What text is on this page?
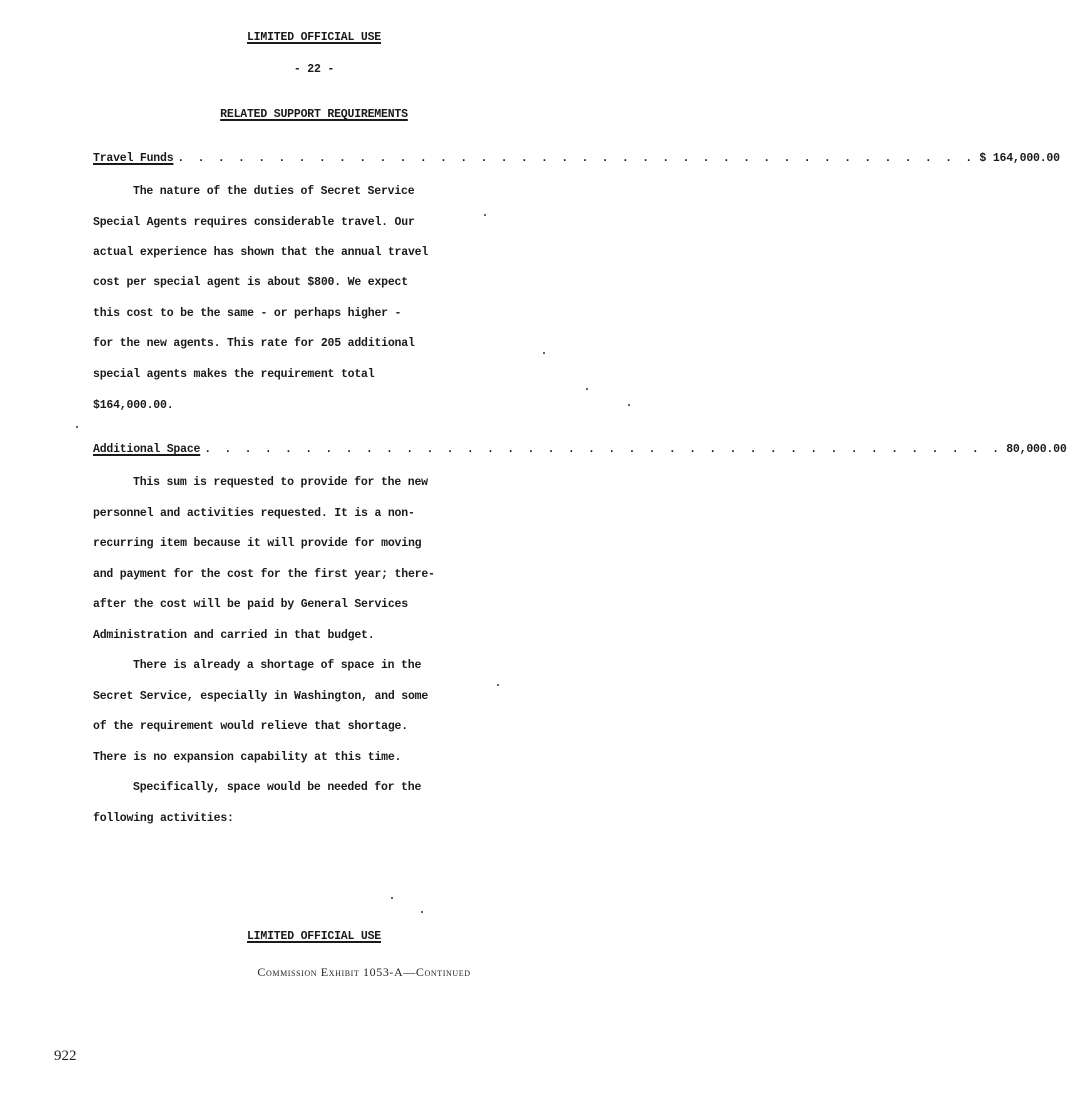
LIMITED OFFICIAL USE
- 22 -
RELATED SUPPORT REQUIREMENTS
Travel Funds . . . . . . . . . . . . . . . . . . . . . . . . . . . . . . . . . . . . . . . . $ 164,000.00
The nature of the duties of Secret Service
Special Agents requires considerable travel. Our
actual experience has shown that the annual travel
cost per special agent is about $800. We expect
this cost to be the same - or perhaps higher -
for the new agents. This rate for 205 additional
special agents makes the requirement total
$164,000.00.
Additional Space . . . . . . . . . . . . . . . . . . . . . . . . . . . . . . . . . . . . . . . . 80,000.00
This sum is requested to provide for the new
personnel and activities requested. It is a non-
recurring item because it will provide for moving
and payment for the cost for the first year; there-
after the cost will be paid by General Services
Administration and carried in that budget.
There is already a shortage of space in the
Secret Service, especially in Washington, and some
of the requirement would relieve that shortage.
There is no expansion capability at this time.
Specifically, space would be needed for the
following activities:
LIMITED OFFICIAL USE
Commission Exhibit 1053-A—Continued
922
